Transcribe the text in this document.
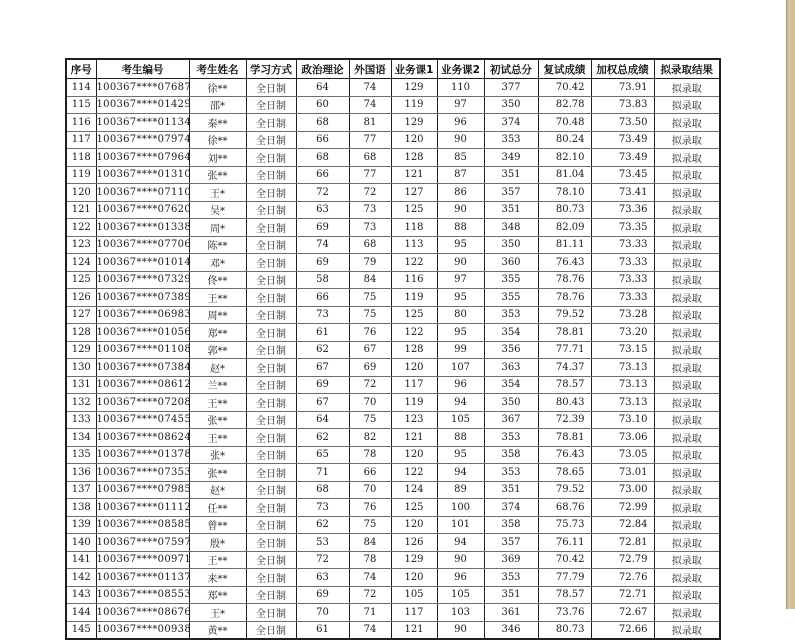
序号	考生编号	考生姓名	学习方式	政治理论	外国语	业务课1	业务课2	初试总分	复试成绩	加权总成绩	拟录取结果
114	100367****07687	徐**	全日制	64	74	129	110	377	70.42	73.91	拟录取
115	100367****01429	邵*	全日制	60	74	119	97	350	82.78	73.83	拟录取
116	100367****01134	秦**	全日制	68	81	129	96	374	70.48	73.50	拟录取
117	100367****07974	徐**	全日制	66	77	120	90	353	80.24	73.49	拟录取
118	100367****07964	刘**	全日制	68	68	128	85	349	82.10	73.49	拟录取
119	100367****01310	张**	全日制	66	77	121	87	351	81.04	73.45	拟录取
120	100367****07110	王*	全日制	72	72	127	86	357	78.10	73.41	拟录取
121	100367****07620	吴*	全日制	63	73	125	90	351	80.73	73.36	拟录取
122	100367****01338	周*	全日制	69	73	118	88	348	82.09	73.35	拟录取
123	100367****07706	陈**	全日制	74	68	113	95	350	81.11	73.33	拟录取
124	100367****01014	邓*	全日制	69	79	122	90	360	76.43	73.33	拟录取
125	100367****07329	佟**	全日制	58	84	116	97	355	78.76	73.33	拟录取
126	100367****07389	王**	全日制	66	75	119	95	355	78.76	73.33	拟录取
127	100367****06983	周**	全日制	73	75	125	80	353	79.52	73.28	拟录取
128	100367****01056	郑**	全日制	61	76	122	95	354	78.81	73.20	拟录取
129	100367****01108	郭**	全日制	62	67	128	99	356	77.71	73.15	拟录取
130	100367****07384	赵*	全日制	67	69	120	107	363	74.37	73.13	拟录取
131	100367****08612	兰**	全日制	69	72	117	96	354	78.57	73.13	拟录取
132	100367****07208	王**	全日制	67	70	119	94	350	80.43	73.13	拟录取
133	100367****07455	张**	全日制	64	75	123	105	367	72.39	73.10	拟录取
134	100367****08624	王**	全日制	62	82	121	88	353	78.81	73.06	拟录取
135	100367****01378	张*	全日制	65	78	120	95	358	76.43	73.05	拟录取
136	100367****07353	张**	全日制	71	66	122	94	353	78.65	73.01	拟录取
137	100367****07985	赵*	全日制	68	70	124	89	351	79.52	73.00	拟录取
138	100367****01112	任**	全日制	73	76	125	100	374	68.76	72.99	拟录取
139	100367****08585	曾**	全日制	62	75	120	101	358	75.73	72.84	拟录取
140	100367****07597	殷*	全日制	53	84	126	94	357	76.11	72.81	拟录取
141	100367****00971	王**	全日制	72	78	129	90	369	70.42	72.79	拟录取
142	100367****01137	来**	全日制	63	74	120	96	353	77.79	72.76	拟录取
143	100367****08553	郑**	全日制	69	72	105	105	351	78.57	72.71	拟录取
144	100367****08676	王*	全日制	70	71	117	103	361	73.76	72.67	拟录取
145	100367****00938	黄**	全日制	61	74	121	90	346	80.73	72.66	拟录取
